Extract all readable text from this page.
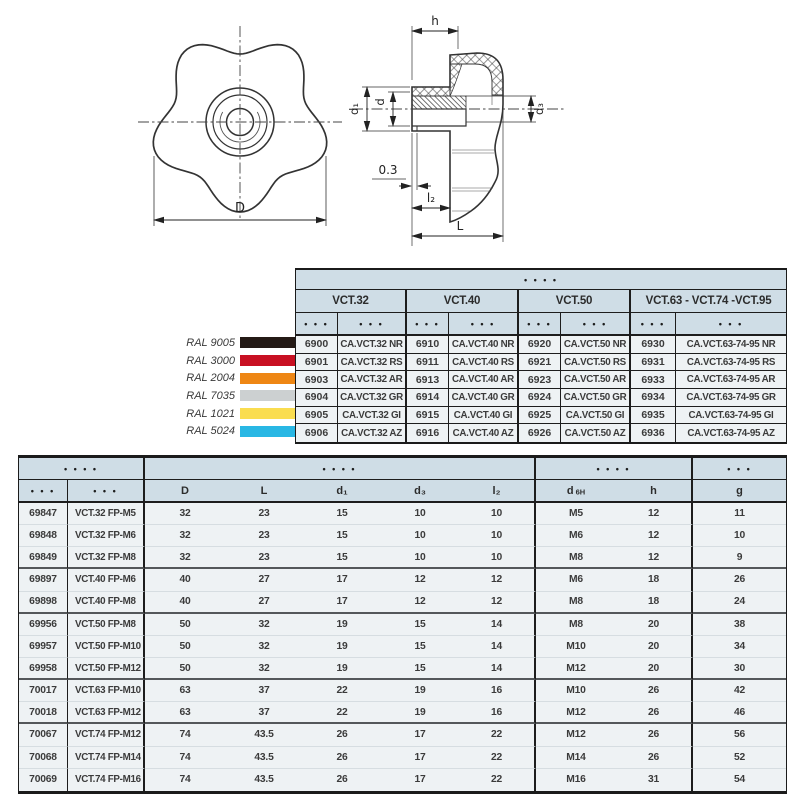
D
h
d₁
d
d₃
0.3
l₂
L
RAL 9005
RAL 3000
RAL 2004
RAL 7035
RAL 1021
RAL 5024
• • • •
VCT.32	VCT.40	VCT.50	VCT.63 - VCT.74 -VCT.95
• • •	• • •	• • •	• • •	• • •	• • •	• • •	• • •
6900	CA.VCT.32 NR	6910	CA.VCT.40 NR	6920	CA.VCT.50 NR	6930	CA.VCT.63-74-95 NR
6901	CA.VCT.32 RS	6911	CA.VCT.40 RS	6921	CA.VCT.50 RS	6931	CA.VCT.63-74-95 RS
6903	CA.VCT.32 AR	6913	CA.VCT.40 AR	6923	CA.VCT.50 AR	6933	CA.VCT.63-74-95 AR
6904	CA.VCT.32 GR	6914	CA.VCT.40 GR	6924	CA.VCT.50 GR	6934	CA.VCT.63-74-95 GR
6905	CA.VCT.32 GI	6915	CA.VCT.40 GI	6925	CA.VCT.50 GI	6935	CA.VCT.63-74-95 GI
6906	CA.VCT.32 AZ	6916	CA.VCT.40 AZ	6926	CA.VCT.50 AZ	6936	CA.VCT.63-74-95 AZ
• • • •	• • • •	• • • •	• • •
• • •	• • •	D	L	d₁	d₃	l₂	d 6H	h	g
69847	VCT.32 FP-M5	32	23	15	10	10	M5	12	11
69848	VCT.32 FP-M6	32	23	15	10	10	M6	12	10
69849	VCT.32 FP-M8	32	23	15	10	10	M8	12	9
69897	VCT.40 FP-M6	40	27	17	12	12	M6	18	26
69898	VCT.40 FP-M8	40	27	17	12	12	M8	18	24
69956	VCT.50 FP-M8	50	32	19	15	14	M8	20	38
69957	VCT.50 FP-M10	50	32	19	15	14	M10	20	34
69958	VCT.50 FP-M12	50	32	19	15	14	M12	20	30
70017	VCT.63 FP-M10	63	37	22	19	16	M10	26	42
70018	VCT.63 FP-M12	63	37	22	19	16	M12	26	46
70067	VCT.74 FP-M12	74	43.5	26	17	22	M12	26	56
70068	VCT.74 FP-M14	74	43.5	26	17	22	M14	26	52
70069	VCT.74 FP-M16	74	43.5	26	17	22	M16	31	54
